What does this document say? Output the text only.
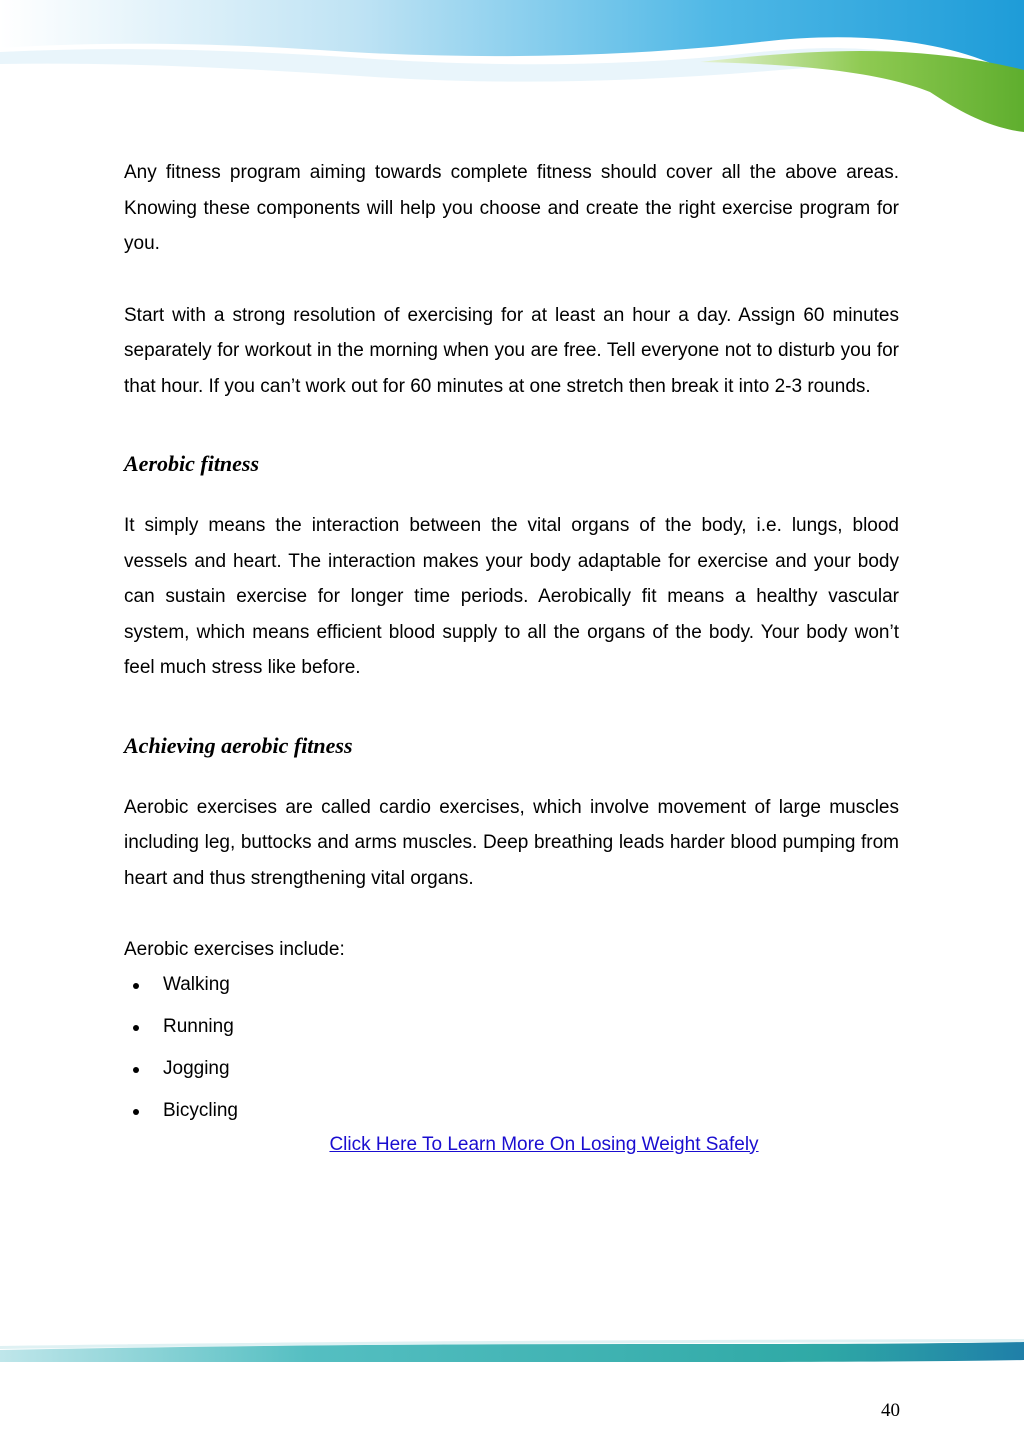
Any fitness program aiming towards complete fitness should cover all the above areas. Knowing these components will help you choose and create the right exercise program for you.

Start with a strong resolution of exercising for at least an hour a day. Assign 60 minutes separately for workout in the morning when you are free. Tell everyone not to disturb you for that hour. If you can’t work out for 60 minutes at one stretch then break it into 2-3 rounds.

Aerobic fitness

It simply means the interaction between the vital organs of the body, i.e. lungs, blood vessels and heart. The interaction makes your body adaptable for exercise and your body can sustain exercise for longer time periods. Aerobically fit means a healthy vascular system, which means efficient blood supply to all the organs of the body. Your body won’t feel much stress like before.

Achieving aerobic fitness

Aerobic exercises are called cardio exercises, which involve movement of large muscles including leg, buttocks and arms muscles. Deep breathing leads harder blood pumping from heart and thus strengthening vital organs.

Aerobic exercises include:

Walking
Running
Jogging
Bicycling
Click Here To Learn More On Losing Weight Safely
40
